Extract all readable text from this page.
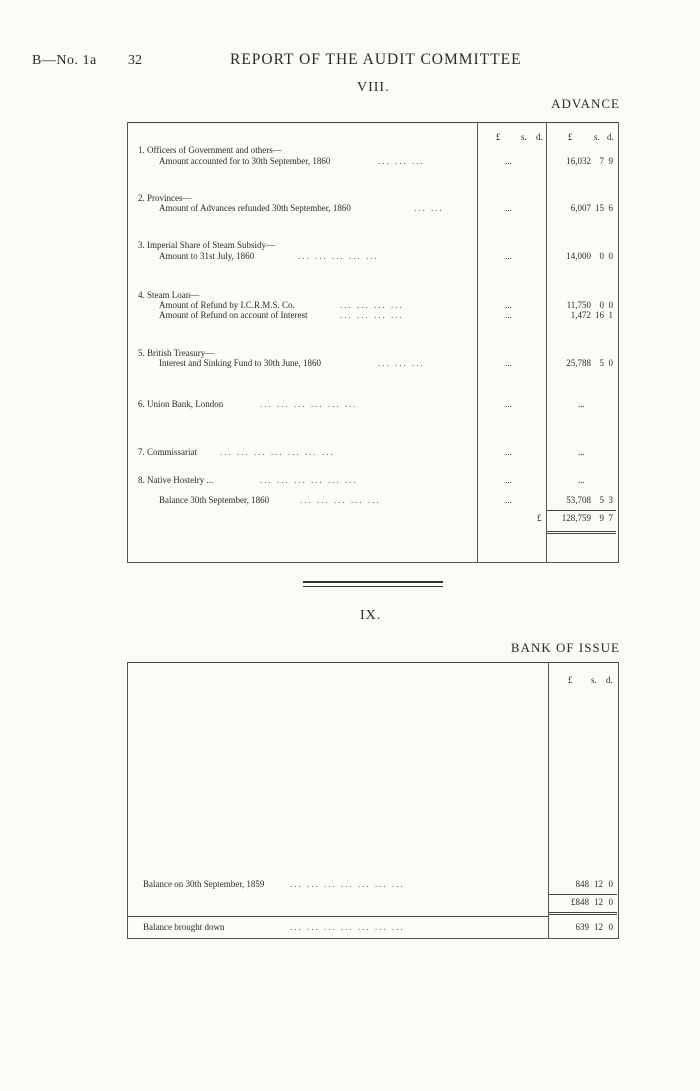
B—No. 1a 32	REPORT OF THE AUDIT COMMITTEE
VIII.
ADVANCE
£ s. d.	£ s. d.
1. Officers of Government and others—
Amount accounted for to 30th September, 1860	... ... ...	...	16,032 7 9
2. Provinces—
Amount of Advances refunded 30th September, 1860	... ...	...	6,007 15 6
3. Imperial Share of Steam Subsidy—
Amount to 31st July, 1860	... ... ... ... ...	...	14,000 0 0
4. Steam Loan—
Amount of Refund by I.C.R.M.S. Co.	... ... ... ...	...	11,750 0 0
Amount of Refund on account of Interest	... ... ... ...	...	1,472 16 1
5. British Treasury—
Interest and Sinking Fund to 30th June, 1860	... ... ...	...	25,788 5 0
6. Union Bank, London	... ... ... ... ... ...	...	...
7. Commissariat	... ... ... ... ... ... ...	...	...
8. Native Hostelry ...	... ... ... ... ... ...	...	...
Balance 30th September, 1860	... ... ... ... ...	...	53,708 5 3
£	128,759 9 7
IX.
BANK OF ISSUE
£ s. d.
Balance on 30th September, 1859	... ... ... ... ... ... ...	848 12 0
£848 12 0
Balance brought down	... ... ... ... ... ... ...	639 12 0
